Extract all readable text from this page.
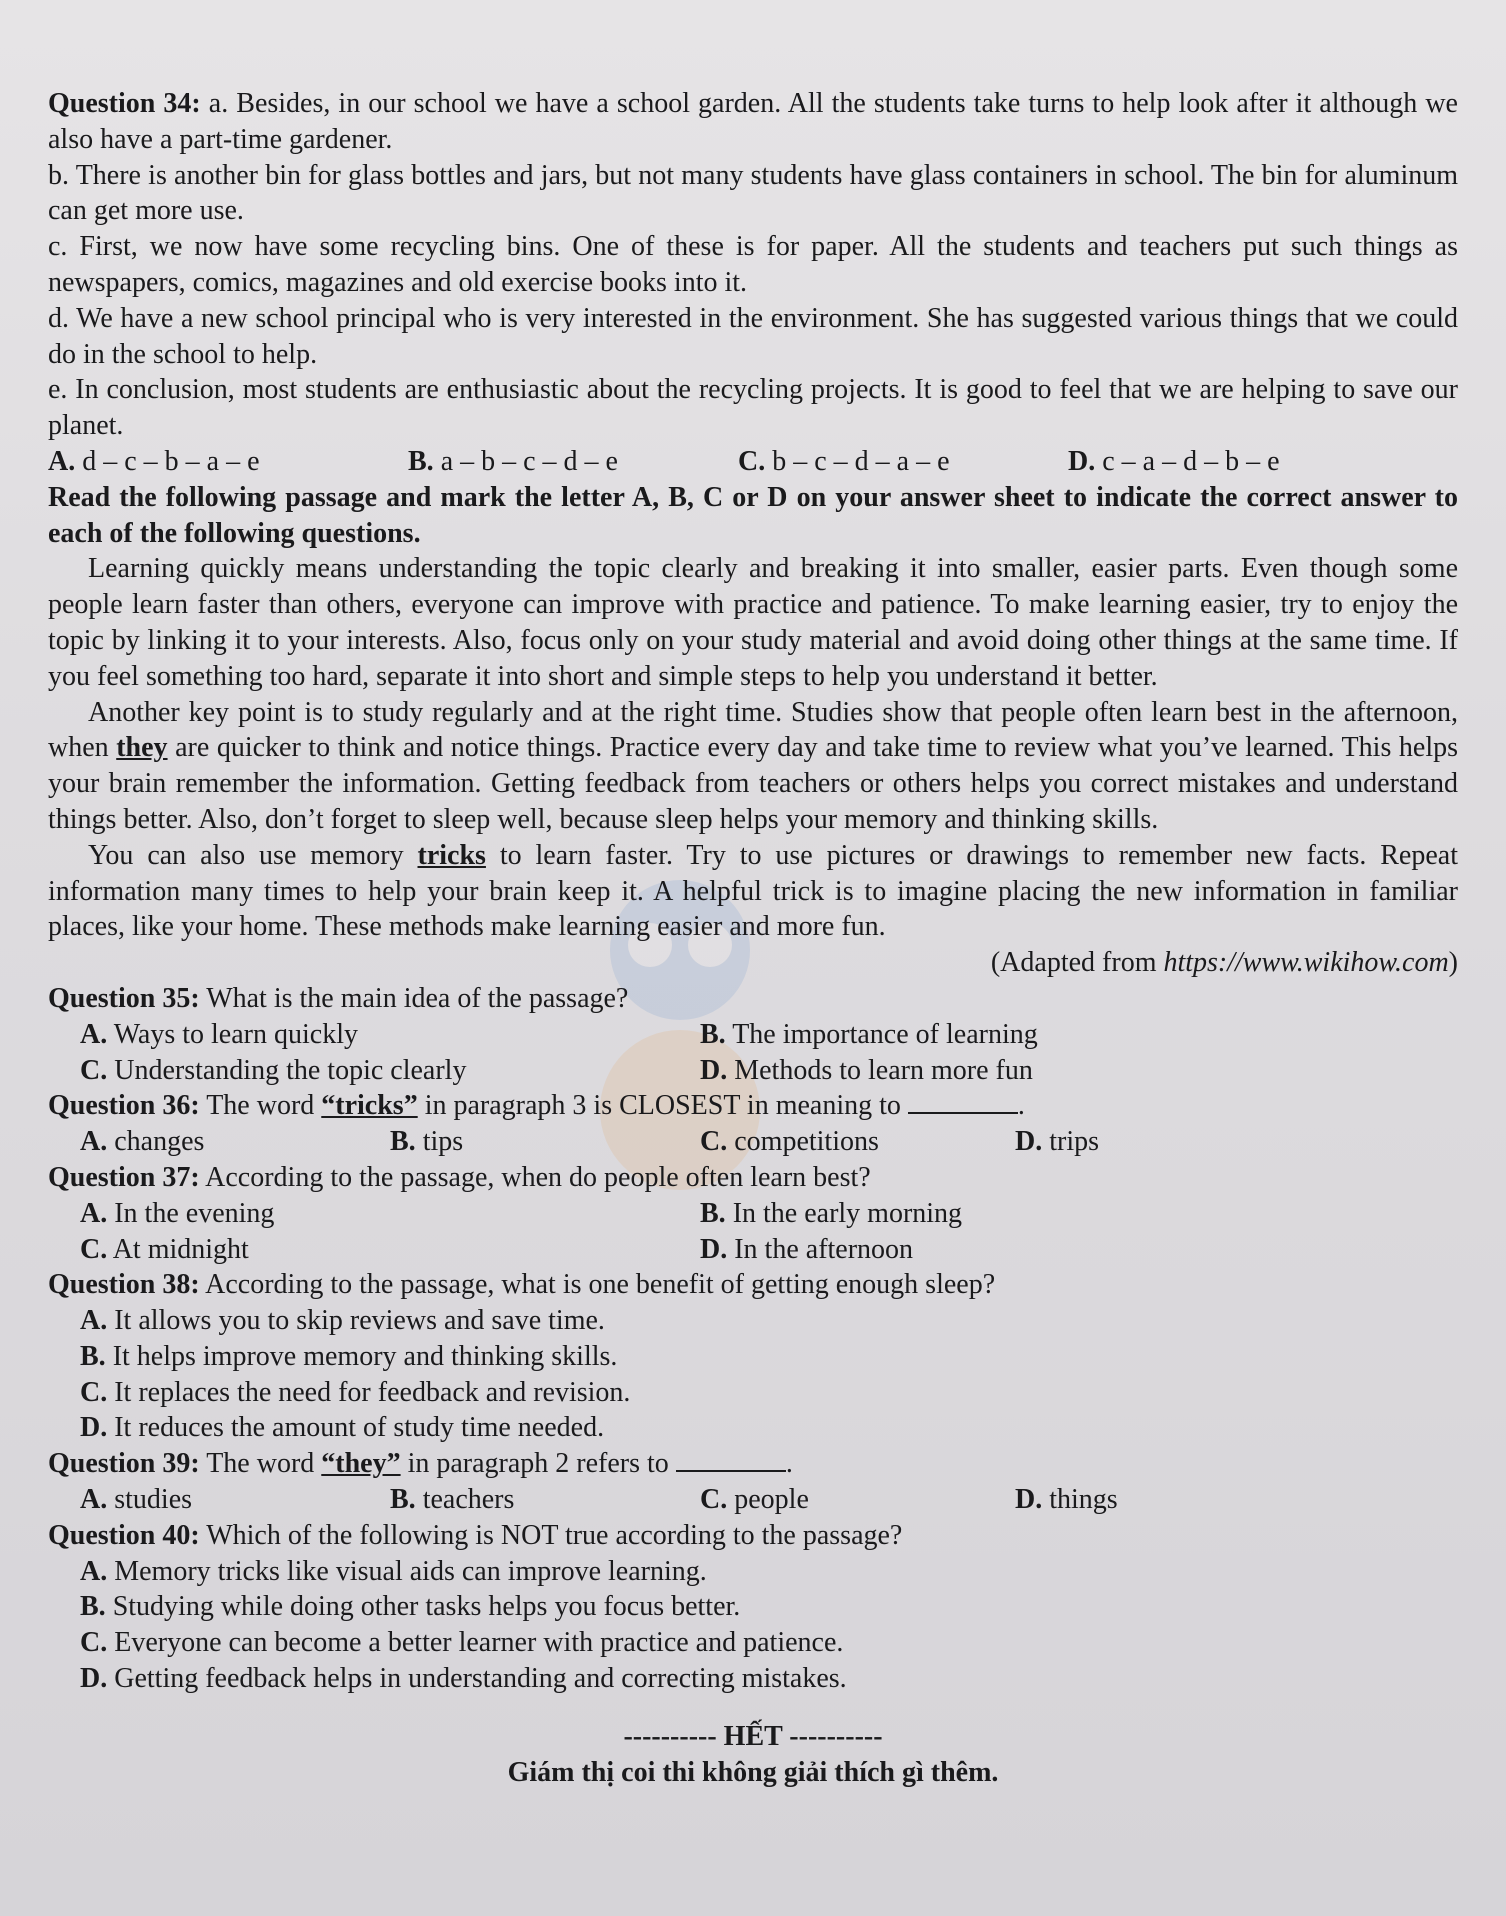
Question 34: a. Besides, in our school we have a school garden. All the students take turns to help look after it although we also have a part-time gardener.
b. There is another bin for glass bottles and jars, but not many students have glass containers in school. The bin for aluminum can get more use.
c. First, we now have some recycling bins. One of these is for paper. All the students and teachers put such things as newspapers, comics, magazines and old exercise books into it.
d. We have a new school principal who is very interested in the environment. She has suggested various things that we could do in the school to help.
e. In conclusion, most students are enthusiastic about the recycling projects. It is good to feel that we are helping to save our planet.
A. d – c – b – a – e	B. a – b – c – d – e	C. b – c – d – a – e	D. c – a – d – b – e
Read the following passage and mark the letter A, B, C or D on your answer sheet to indicate the correct answer to each of the following questions.
Learning quickly means understanding the topic clearly and breaking it into smaller, easier parts. Even though some people learn faster than others, everyone can improve with practice and patience. To make learning easier, try to enjoy the topic by linking it to your interests. Also, focus only on your study material and avoid doing other things at the same time. If you feel something too hard, separate it into short and simple steps to help you understand it better.
Another key point is to study regularly and at the right time. Studies show that people often learn best in the afternoon, when they are quicker to think and notice things. Practice every day and take time to review what you’ve learned. This helps your brain remember the information. Getting feedback from teachers or others helps you correct mistakes and understand things better. Also, don’t forget to sleep well, because sleep helps your memory and thinking skills.
You can also use memory tricks to learn faster. Try to use pictures or drawings to remember new facts. Repeat information many times to help your brain keep it. A helpful trick is to imagine placing the new information in familiar places, like your home. These methods make learning easier and more fun.
(Adapted from https://www.wikihow.com)
Question 35: What is the main idea of the passage?
A. Ways to learn quickly	B. The importance of learning
C. Understanding the topic clearly	D. Methods to learn more fun
Question 36: The word “tricks” in paragraph 3 is CLOSEST in meaning to	.
A. changes	B. tips	C. competitions	D. trips
Question 37: According to the passage, when do people often learn best?
A. In the evening	B. In the early morning
C. At midnight	D. In the afternoon
Question 38: According to the passage, what is one benefit of getting enough sleep?
A. It allows you to skip reviews and save time.
B. It helps improve memory and thinking skills.
C. It replaces the need for feedback and revision.
D. It reduces the amount of study time needed.
Question 39: The word “they” in paragraph 2 refers to	.
A. studies	B. teachers	C. people	D. things
Question 40: Which of the following is NOT true according to the passage?
A. Memory tricks like visual aids can improve learning.
B. Studying while doing other tasks helps you focus better.
C. Everyone can become a better learner with practice and patience.
D. Getting feedback helps in understanding and correcting mistakes.
---------- HẾT ----------
Giám thị coi thi không giải thích gì thêm.
